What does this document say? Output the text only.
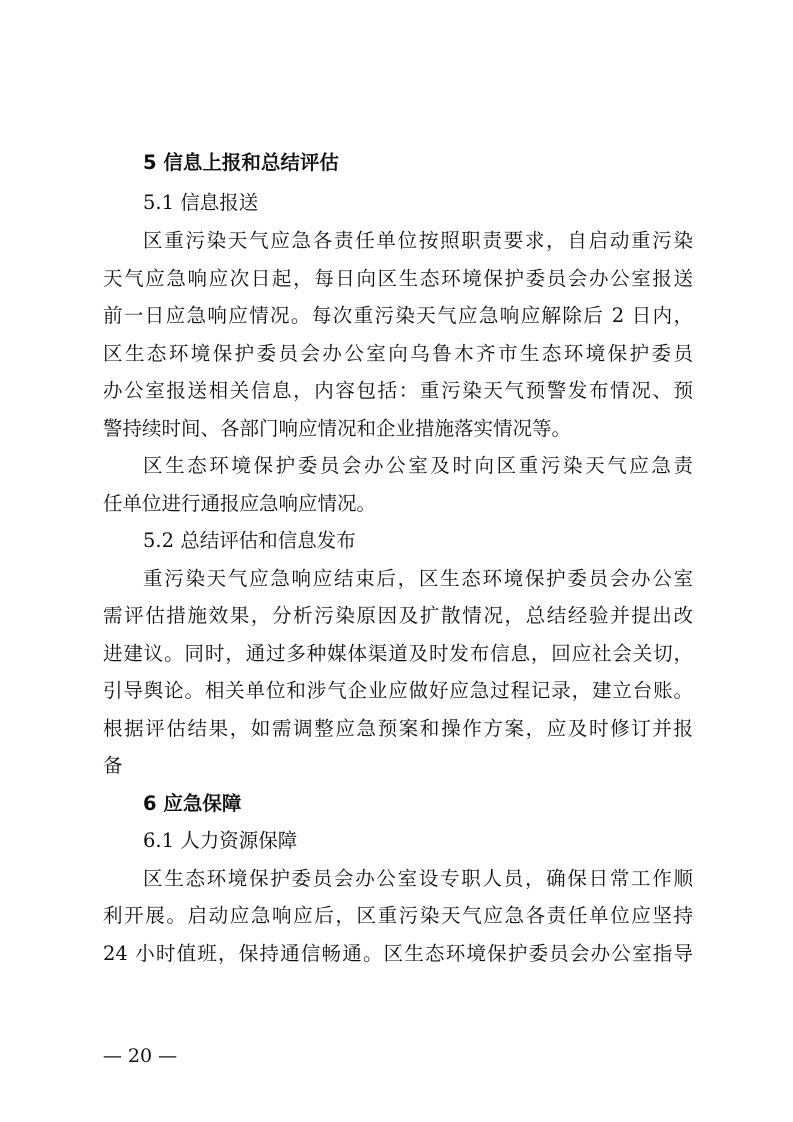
5 信息上报和总结评估
5.1 信息报送
区重污染天气应急各责任单位按照职责要求，自启动重污染
天气应急响应次日起，每日向区生态环境保护委员会办公室报送
前一日应急响应情况。每次重污染天气应急响应解除后 2 日内，
区生态环境保护委员会办公室向乌鲁木齐市生态环境保护委员
办公室报送相关信息，内容包括：重污染天气预警发布情况、预
警持续时间、各部门响应情况和企业措施落实情况等。
区生态环境保护委员会办公室及时向区重污染天气应急责
任单位进行通报应急响应情况。
5.2 总结评估和信息发布
重污染天气应急响应结束后，区生态环境保护委员会办公室
需评估措施效果，分析污染原因及扩散情况，总结经验并提出改
进建议。同时，通过多种媒体渠道及时发布信息，回应社会关切，
引导舆论。相关单位和涉气企业应做好应急过程记录，建立台账。
根据评估结果，如需调整应急预案和操作方案，应及时修订并报
备
6 应急保障
6.1 人力资源保障
区生态环境保护委员会办公室设专职人员，确保日常工作顺
利开展。启动应急响应后，区重污染天气应急各责任单位应坚持
24 小时值班，保持通信畅通。区生态环境保护委员会办公室指导
— 20 —
